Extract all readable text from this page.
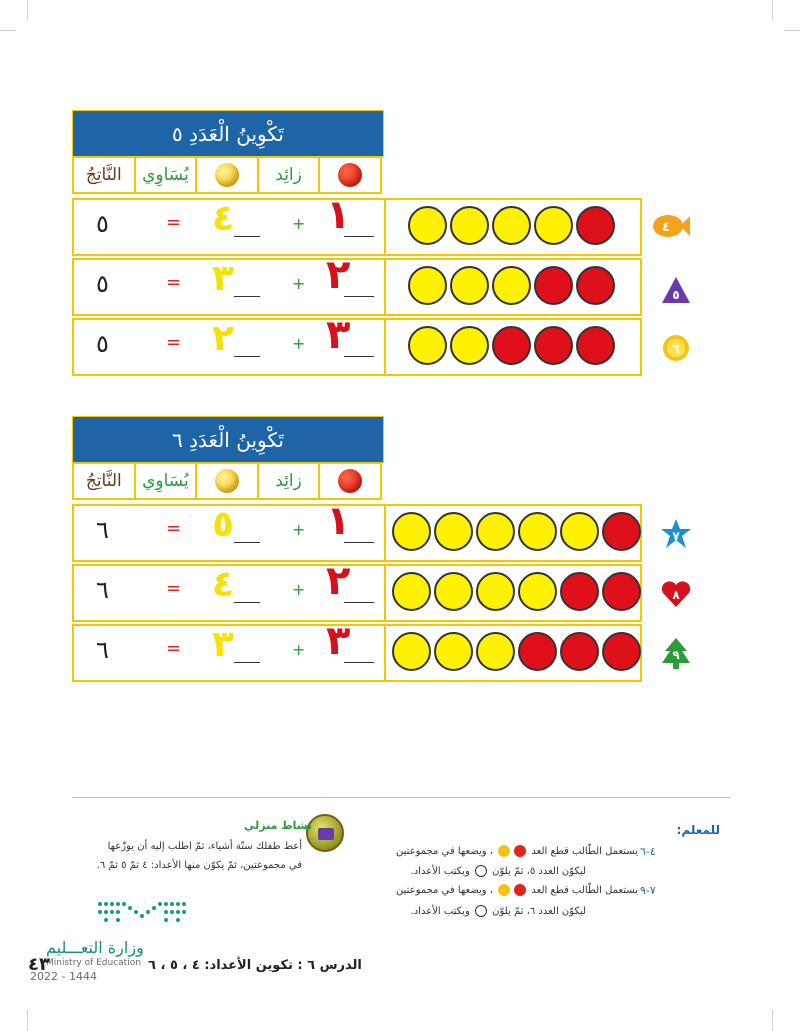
تَكْوِينُ الْعَدَدِ ٥
النَّاتِجُ	يُسَاوِي	زائِد
٥	= ٤	+ ١	٤
٥	= ٣	+ ٢	٥
٥	= ٢	+ ٣	٦
تَكْوِينُ الْعَدَدِ ٦
النَّاتِجُ	يُسَاوِي	زائِد
٦	= ٥	+ ١	٧
٦	= ٤	+ ٢	٨
٦	= ٣	+ ٣	٩
للمعلم:
٤-٦
يستعمل الطّالب قطع العد  ، ويضعها في مجموعتين
ليكوّن العدد ٥، ثمّ يلوّن  ويكتب الأعداد.
٧-٩
يستعمل الطّالب قطع العد  ، ويضعها في مجموعتين
ليكوّن العدد ٦، ثمّ يلوّن  ويكتب الأعداد.
نشاط منزلي
أعط طفلك ستّة أشياء، ثمّ اطلب إليه أن يوزّعها
في مجموعتين، ثمّ يكوّن منها الأعداد: ٤ ثمّ ٥ ثمّ ٦.
وزارة التعـــليم
Ministry of Education
2022 - 1444
٤٣	الدرس ٦ : تكوين الأعداد: ٤ ، ٥ ، ٦
